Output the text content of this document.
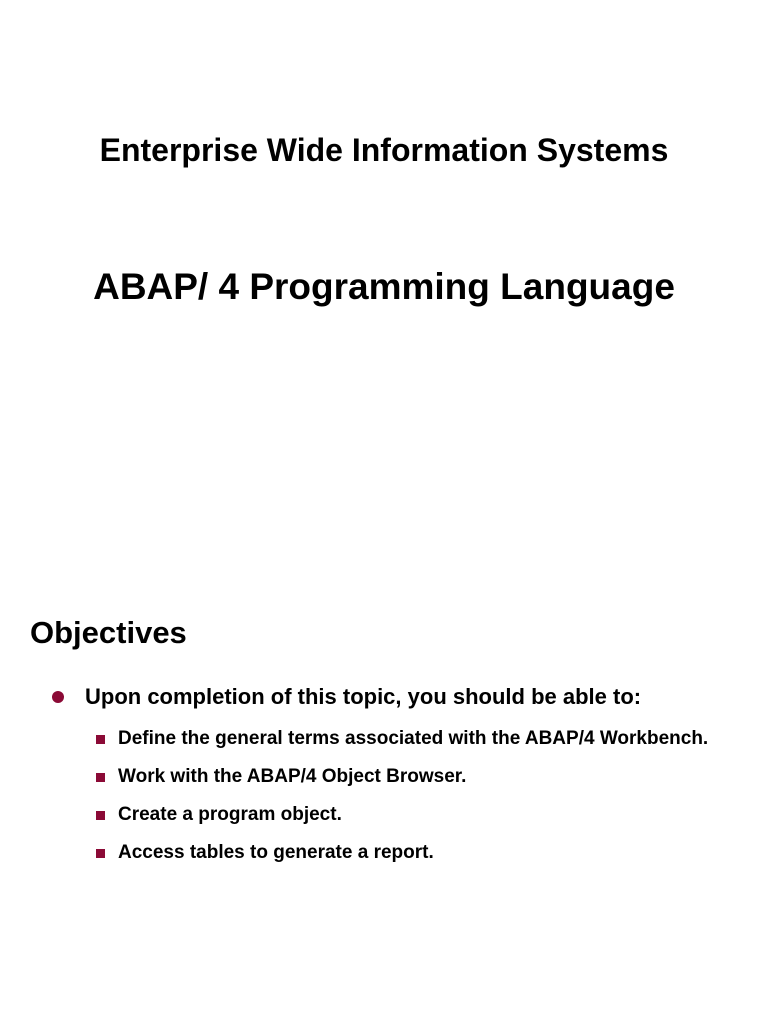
Enterprise Wide Information Systems
ABAP/ 4 Programming Language
Objectives
Upon completion of this topic, you should be able to:
Define the general terms associated with the ABAP/4 Workbench.
Work with the ABAP/4 Object Browser.
Create a program object.
Access tables to generate a report.
